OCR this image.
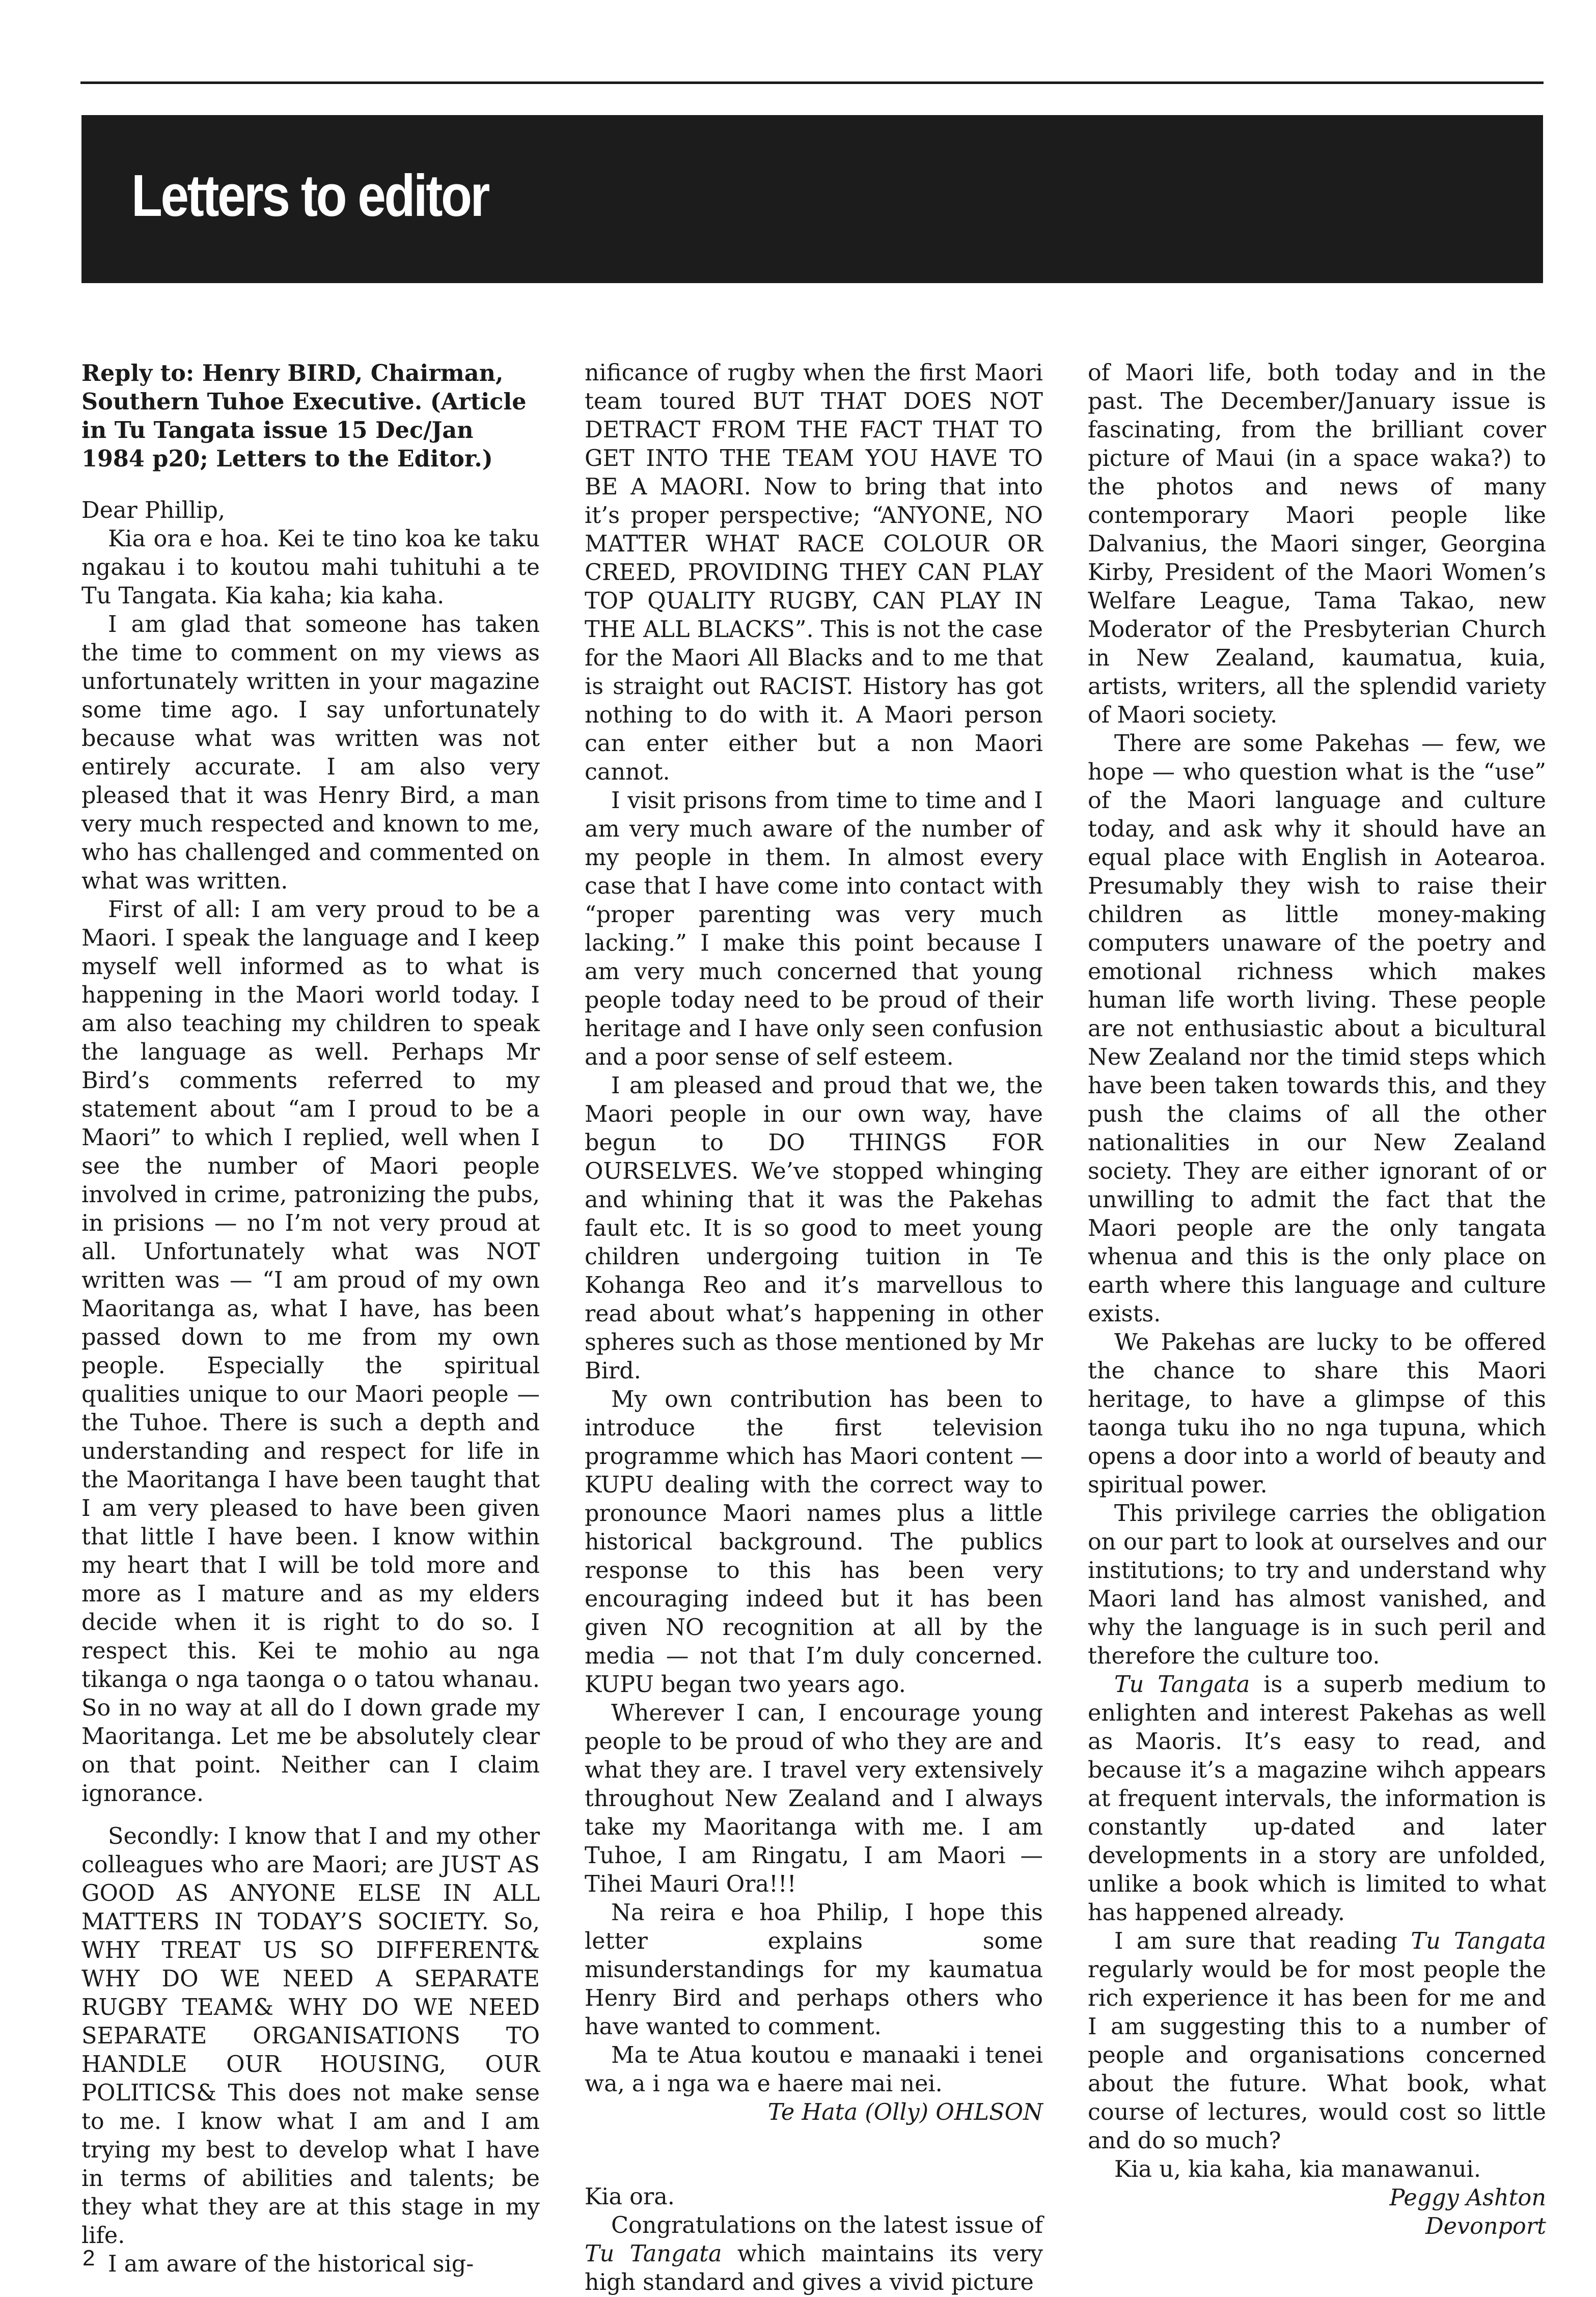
Letters to editor

Reply to: Henry BIRD, Chairman, Southern Tuhoe Executive. (Article in Tu Tangata issue 15 Dec/Jan 1984 p20; Letters to the Editor.)

Dear Phillip,

Kia ora e hoa. Kei te tino koa ke taku ngakau i to koutou mahi tuhituhi a te Tu Tangata. Kia kaha; kia kaha.

I am glad that someone has taken the time to comment on my views as unfortunately written in your magazine some time ago. I say unfortunately because what was written was not entirely accurate. I am also very pleased that it was Henry Bird, a man very much respected and known to me, who has challenged and commented on what was written.

First of all: I am very proud to be a Maori. I speak the language and I keep myself well informed as to what is happening in the Maori world today. I am also teaching my children to speak the language as well. Perhaps Mr Bird’s comments referred to my statement about “am I proud to be a Maori” to which I replied, well when I see the number of Maori people involved in crime, patronizing the pubs, in prisions — no I’m not very proud at all. Unfortunately what was NOT written was — “I am proud of my own Maoritanga as, what I have, has been passed down to me from my own people. Especially the spiritual qualities unique to our Maori people — the Tuhoe. There is such a depth and understanding and respect for life in the Maoritanga I have been taught that I am very pleased to have been given that little I have been. I know within my heart that I will be told more and more as I mature and as my elders decide when it is right to do so. I respect this. Kei te mohio au nga tikanga o nga taonga o o tatou whanau. So in no way at all do I down grade my Maoritanga. Let me be absolutely clear on that point. Neither can I claim ignorance.

Secondly: I know that I and my other colleagues who are Maori; are JUST AS GOOD AS ANYONE ELSE IN ALL MATTERS IN TODAY’S SOCIETY. So, WHY TREAT US SO DIFFERENT& WHY DO WE NEED A SEPARATE RUGBY TEAM& WHY DO WE NEED SEPARATE ORGANISATIONS TO HANDLE OUR HOUSING, OUR POLITICS& This does not make sense to me. I know what I am and I am trying my best to develop what I have in terms of abilities and talents; be they what they are at this stage in my life.

I am aware of the historical sig-

nificance of rugby when the first Maori team toured BUT THAT DOES NOT DETRACT FROM THE FACT THAT TO GET INTO THE TEAM YOU HAVE TO BE A MAORI. Now to bring that into it’s proper perspective; “ANYONE, NO MATTER WHAT RACE COLOUR OR CREED, PROVIDING THEY CAN PLAY TOP QUALITY RUGBY, CAN PLAY IN THE ALL BLACKS”. This is not the case for the Maori All Blacks and to me that is straight out RACIST. History has got nothing to do with it. A Maori person can enter either but a non Maori cannot.

I visit prisons from time to time and I am very much aware of the number of my people in them. In almost every case that I have come into contact with “proper parenting was very much lacking.” I make this point because I am very much concerned that young people today need to be proud of their heritage and I have only seen confusion and a poor sense of self esteem.

I am pleased and proud that we, the Maori people in our own way, have begun to DO THINGS FOR OURSELVES. We’ve stopped whinging and whining that it was the Pakehas fault etc. It is so good to meet young children undergoing tuition in Te Kohanga Reo and it’s marvellous to read about what’s happening in other spheres such as those mentioned by Mr Bird.

My own contribution has been to introduce the first television programme which has Maori content — KUPU dealing with the correct way to pronounce Maori names plus a little historical background. The publics response to this has been very encouraging indeed but it has been given NO recognition at all by the media — not that I’m duly concerned. KUPU began two years ago.

Wherever I can, I encourage young people to be proud of who they are and what they are. I travel very extensively throughout New Zealand and I always take my Maoritanga with me. I am Tuhoe, I am Ringatu, I am Maori — Tihei Mauri Ora!!!

Na reira e hoa Philip, I hope this letter explains some misunderstandings for my kaumatua Henry Bird and perhaps others who have wanted to comment.

Ma te Atua koutou e manaaki i tenei wa, a i nga wa e haere mai nei.

Te Hata (Olly) OHLSON

Kia ora.

Congratulations on the latest issue of Tu Tangata which maintains its very high standard and gives a vivid picture

of Maori life, both today and in the past. The December/January issue is fascinating, from the brilliant cover picture of Maui (in a space waka?) to the photos and news of many contemporary Maori people like Dalvanius, the Maori singer, Georgina Kirby, President of the Maori Women’s Welfare League, Tama Takao, new Moderator of the Presbyterian Church in New Zealand, kaumatua, kuia, artists, writers, all the splendid variety of Maori society.

There are some Pakehas — few, we hope — who question what is the “use” of the Maori language and culture today, and ask why it should have an equal place with English in Aotearoa. Presumably they wish to raise their children as little money-making computers unaware of the poetry and emotional richness which makes human life worth living. These people are not enthusiastic about a bicultural New Zealand nor the timid steps which have been taken towards this, and they push the claims of all the other nationalities in our New Zealand society. They are either ignorant of or unwilling to admit the fact that the Maori people are the only tangata whenua and this is the only place on earth where this language and culture exists.

We Pakehas are lucky to be offered the chance to share this Maori heritage, to have a glimpse of this taonga tuku iho no nga tupuna, which opens a door into a world of beauty and spiritual power.

This privilege carries the obligation on our part to look at ourselves and our institutions; to try and understand why Maori land has almost vanished, and why the language is in such peril and therefore the culture too.

Tu Tangata is a superb medium to enlighten and interest Pakehas as well as Maoris. It’s easy to read, and because it’s a magazine wihch appears at frequent intervals, the information is constantly up-dated and later developments in a story are unfolded, unlike a book which is limited to what has happened already.

I am sure that reading Tu Tangata regularly would be for most people the rich experience it has been for me and I am suggesting this to a number of people and organisations concerned about the future. What book, what course of lectures, would cost so little and do so much?

Kia u, kia kaha, kia manawanui.

Peggy Ashton

Devonport

2
